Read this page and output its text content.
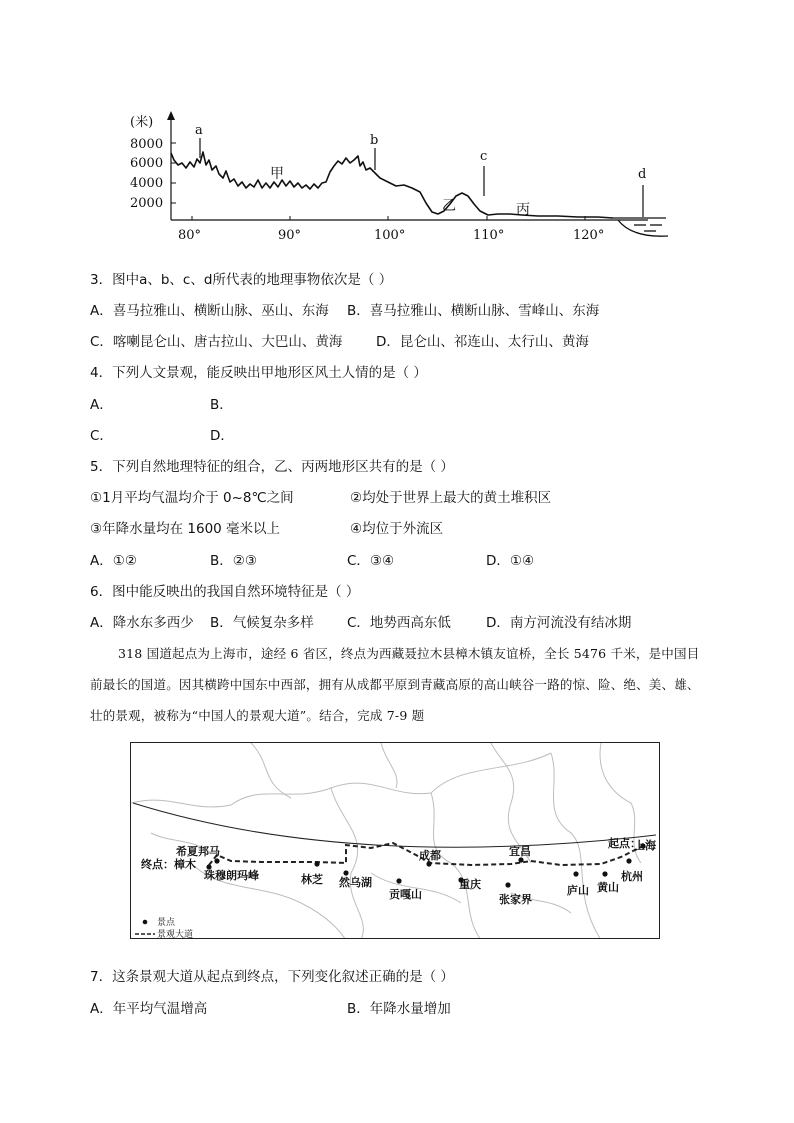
(米)
8000
6000
4000
2000
80°	90°	100°	110°	120°
a
b
c
d
甲
乙	丙
3．图中a、b、c、d所代表的地理事物依次是（ ）
A．喜马拉雅山、横断山脉、巫山、东海 B．喜马拉雅山、横断山脉、雪峰山、东海
C．喀喇昆仑山、唐古拉山、大巴山、黄海 D．昆仑山、祁连山、太行山、黄海
4．下列人文景观，能反映出甲地形区风土人情的是（ ）
A．	B．
C．	D．
5．下列自然地理特征的组合，乙、丙两地形区共有的是（ ）
①1月平均气温均介于 0~8℃之间	②均处于世界上最大的黄土堆积区
③年降水量均在 1600 毫米以上	④均位于外流区
A．①②	B．②③	C．③④	D．①④
6．图中能反映出的我国自然环境特征是（ ）
A．降水东多西少 B．气候复杂多样 C．地势西高东低	D．南方河流没有结冰期
318 国道起点为上海市，途经 6 省区，终点为西藏聂拉木县樟木镇友谊桥，全长 5476 千米，是中国目前最长的国道。因其横跨中国东中西部，拥有从成都平原到青藏高原的高山峡谷一路的惊、险、绝、美、雄、壮的景观，被称为“中国人的景观大道”。结合，完成 7-9 题
起点：
上海
杭州
黄山
庐山
宜昌
张家界
重庆
成都
贡嘎山
然乌湖
林芝
希夏邦马
终点：樟木
珠穆朗玛峰
景点
景观大道
7．这条景观大道从起点到终点，下列变化叙述正确的是（ ）
A．年平均气温增高	B．年降水量增加
